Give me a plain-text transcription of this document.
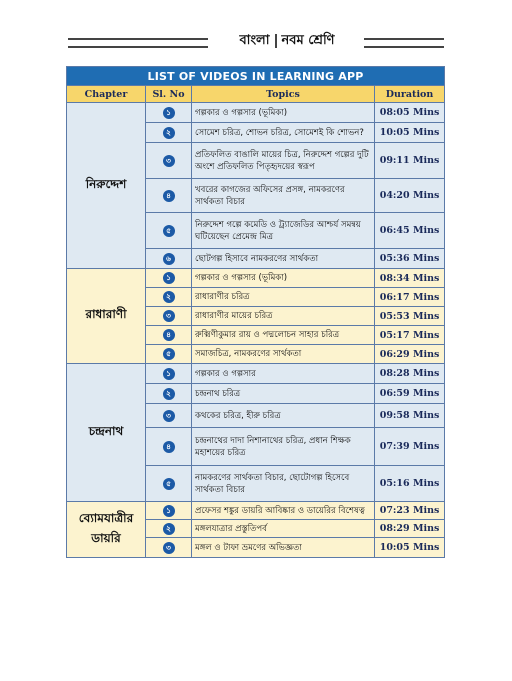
বাংলা নবম শ্রেণি
LIST OF VIDEOS IN LEARNING APP			
Chapter	Sl. No	Topics	Duration
নিরুদ্দেশ	১	গল্পকার ও গল্পসার (ভূমিকা)	08:05 Mins
	২	সোমেশ চরিত্র, শোভন চরিত্র, সোমেশই কি শোভন?	10:05 Mins
	৩	প্রতিফলিত বাঙালি মায়ের চিত্র, নিরুদ্দেশ গল্পের দুটি অংশে প্রতিফলিত পিতৃহৃদয়ের স্বরূপ	09:11 Mins
	৪	খবরের কাগজের অফিসের প্রসঙ্গ, নামকরণের সার্থকতা বিচার	04:20 Mins
	৫	নিরুদ্দেশ গল্পে কমেডি ও ট্র্যাজেডির আশ্চর্য সমন্বয় ঘটিয়েছেন প্রেমেন্দ্র মিত্র	06:45 Mins
	৬	ছোটগল্প হিসাবে নামকরণের সার্থকতা	05:36 Mins
রাধারাণী	১	গল্পকার ও গল্পসার (ভূমিকা)	08:34 Mins
	২	রাধারাণীর চরিত্র	06:17 Mins
	৩	রাধারাণীর মায়ের চরিত্র	05:53 Mins
	৪	রুক্মিণীকুমার রায় ও পদ্মলোচন সাহার চরিত্র	05:17 Mins
	৫	সমাজচিত্র, নামকরণের সার্থকতা	06:29 Mins
চন্দ্রনাথ	১	গল্পকার ও গল্পসার	08:28 Mins
	২	চন্দ্রনাথ চরিত্র	06:59 Mins
	৩	কথকের চরিত্র, হীরু চরিত্র	09:58 Mins
	৪	চন্দ্রনাথের দাদা নিশানাথের চরিত্র, প্রধান শিক্ষক মহাশয়ের চরিত্র	07:39 Mins
	৫	নামকরণের সার্থকতা বিচার, ছোটোগল্প হিসেবে সার্থকতা বিচার	05:16 Mins
ব্যোমযাত্রীর ডায়রি	১	প্রফেসর শঙ্কুর ডায়রি আবিষ্কার ও ডায়েরির বিশেষত্ব	07:23 Mins
	২	মঙ্গলযাত্রার প্রস্তুতিপর্ব	08:29 Mins
	৩	মঙ্গল ও টাফা ভ্রমণের অভিজ্ঞতা	10:05 Mins
